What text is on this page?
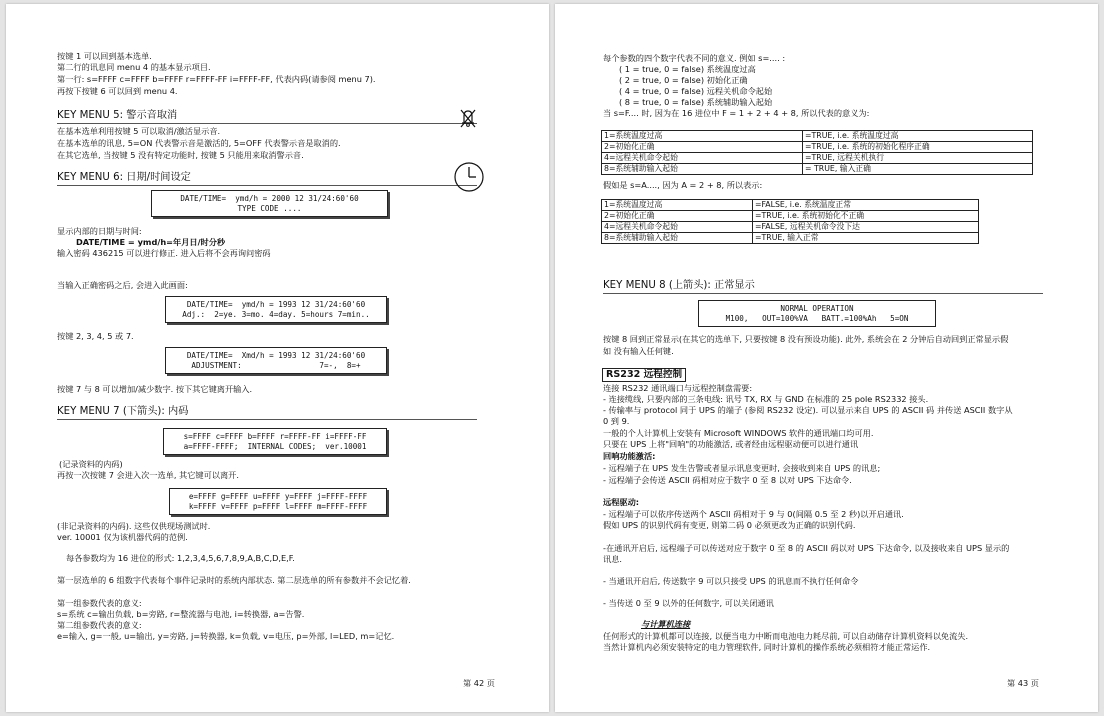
按键 1 可以回到基本选单.
第二行的讯息同 menu 4 的基本显示项目.
第一行: s=FFFF c=FFFF b=FFFF r=FFFF-FF i=FFFF-FF, 代表内码(请参阅 menu 7).
再按下按键 6 可以回到 menu 4.
KEY MENU 5: 警示音取消
在基本选单利用按键 5 可以取消/激活显示音.
在基本选单的讯息, 5=ON 代表警示音是激活的, 5=OFF 代表警示音是取消的.
在其它选单, 当按键 5 没有特定功能时, 按键 5 只能用来取消警示音.
KEY MENU 6: 日期/时间设定

DATE/TIME=  ymd/h = 2000 12 31/24:60'60

TYPE CODE ....

显示内部的日期与时间:
DATE/TIME = ymd/h=年月日/时分秒
输入密码 436215 可以进行修正. 进入后将不会再询问密码
当输入正确密码之后, 会进入此画面:

DATE/TIME=  ymd/h = 1993 12 31/24:60'60

Adj.:  2=ye. 3=mo. 4=day. 5=hours 7=min..

按键 2, 3, 4, 5 或 7.

DATE/TIME=  Xmd/h = 1993 12 31/24:60'60

ADJUSTMENT:                 7=-,  8=+

按键 7 与 8 可以增加/减少数字. 按下其它键离开输入.
KEY MENU 7 (下箭头): 内码

s=FFFF c=FFFF b=FFFF r=FFFF-FF i=FFFF-FF

a=FFFF-FFFF;  INTERNAL CODES;  ver.10001

(记录资料的内码)
再按一次按键 7 会进入次一选单, 其它键可以离开.

e=FFFF g=FFFF u=FFFF y=FFFF j=FFFF-FFFF

k=FFFF v=FFFF p=FFFF l=FFFF m=FFFF-FFFF

(非记录资料的内码). 这些仅供现场测试时.
ver. 10001 仅为该机器代码的范例.
每各参数均为 16 进位的形式: 1,2,3,4,5,6,7,8,9,A,B,C,D,E,F.
第一层选单的 6 组数字代表每个事件记录时的系统内部状态. 第二层选单的所有参数并不会记忆着.
第一组参数代表的意义:
s=系统 c=输出负载, b=旁路, r=整流器与电池, i=转换器, a=告警.
第二组参数代表的意义:
e=输入, g=一般, u=输出, y=旁路, j=转换器, k=负载, v=电压, p=外部, l=LED, m=记忆.
第 42 页
每个参数的四个数字代表不同的意义. 例如 s=.... :
( 1 = true, 0 = false) 系统温度过高
( 2 = true, 0 = false) 初始化正确
( 4 = true, 0 = false) 远程关机命令起始
( 8 = true, 0 = false) 系统辅助输入起始
当 s=F.... 时, 因为在 16 进位中 F = 1 + 2 + 4 + 8, 所以代表的意义为:
1=系统温度过高	=TRUE, i.e. 系统温度过高
2=初始化正确	=TRUE, i.e. 系统的初始化程序正确
4=远程关机命令起始	=TRUE, 远程关机执行
8=系统辅助输入起始	= TRUE, 输入正确
假如是 s=A...., 因为 A = 2 + 8, 所以表示:
1=系统温度过高	=FALSE, i.e. 系统温度正常
2=初始化正确	=TRUE, i.e. 系统初始化不正确
4=远程关机命令起始	=FALSE, 远程关机命令没下达
8=系统辅助输入起始	=TRUE, 输入正常
KEY MENU 8 (上箭头): 正常显示

NORMAL OPERATION

M100,   OUT=100%VA   BATT.=100%Ah   5=ON

按键 8 回到正常显示(在其它的选单下, 只要按键 8 没有预设功能). 此外, 系统会在 2 分钟后自动回到正常显示假
如 没有输入任何键.
RS232 远程控制
连接 RS232 通讯端口与远程控制盘需要:
- 连接缆线, 只要内部的三条电线: 讯号 TX, RX 与 GND 在标准的 25 pole RS2332 接头.
- 传输率与 protocol 同于 UPS 的端子 (参阅 RS232 设定). 可以显示来自 UPS 的 ASCII 码 并传送 ASCII 数字从
0 到 9.
一般的个人计算机上安装有 Microsoft WINDOWS 软件的通讯端口均可用.
只要在 UPS 上将"回响"的功能激活, 或者经由远程驱动便可以进行通讯
回响功能激活:
- 远程端子在 UPS 发生告警或者显示讯息变更时, 会接收到来自 UPS 的讯息;
- 远程端子会传送 ASCII 码相对应于数字 0 至 8 以对 UPS 下达命令.
远程驱动:
- 远程端子可以依序传送两个 ASCII 码相对于 9 与 0(间隔 0.5 至 2 秒)以开启通讯.
假如 UPS 的识别代码有变更, 则第二码 0 必须更改为正确的识别代码.
-在通讯开启后, 远程端子可以传送对应于数字 0 至 8 的 ASCII 码以对 UPS 下达命令, 以及接收来自 UPS 显示的
讯息.
- 当通讯开启后, 传送数字 9 可以只接受 UPS 的讯息而不执行任何命令
- 当传送 0 至 9 以外的任何数字, 可以关闭通讯
与计算机连接
任何形式的计算机都可以连接, 以便当电力中断而电池电力耗尽前, 可以自动储存计算机资料以免流失.
当然计算机内必须安装特定的电力管理软件, 同时计算机的操作系统必须相符才能正常运作.
第 43 页
